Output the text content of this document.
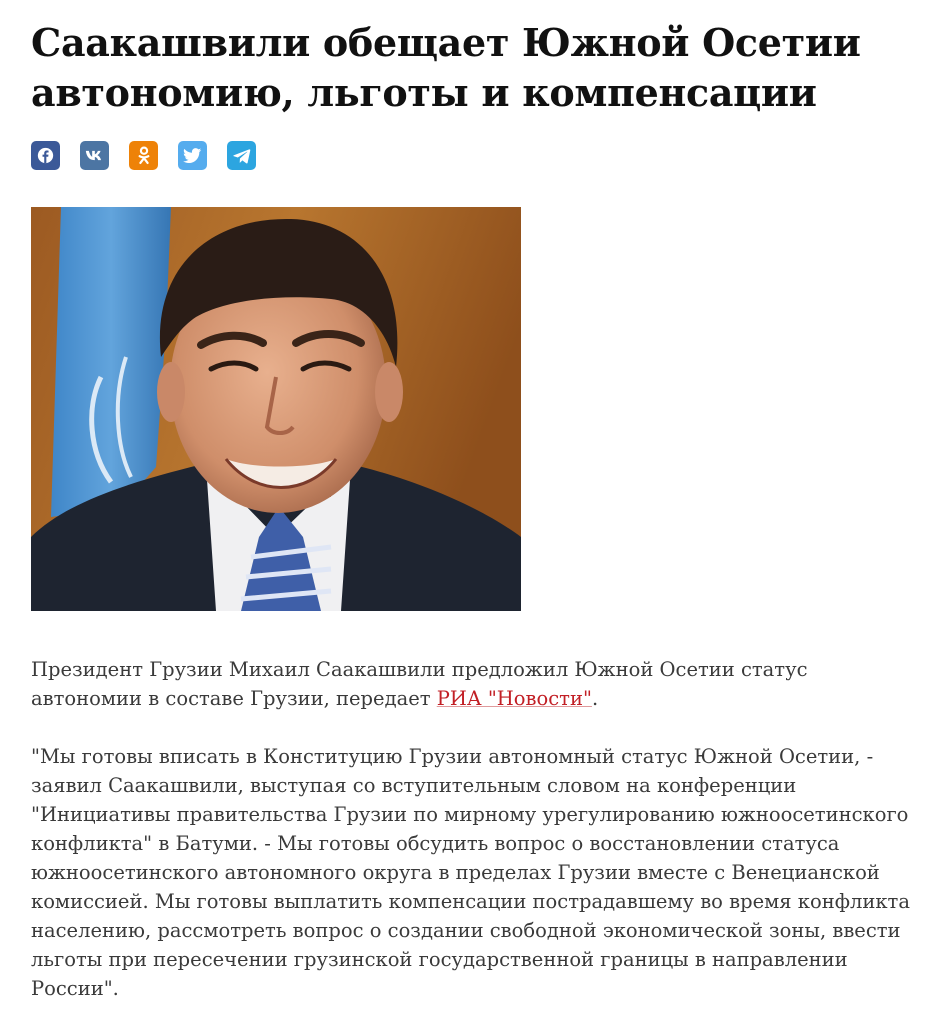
Саакашвили обещает Южной Осетии автономию, льготы и компенсации

Президент Грузии Михаил Саакашвили предложил Южной Осетии статус автономии в составе Грузии, передает РИА "Новости".

"Мы готовы вписать в Конституцию Грузии автономный статус Южной Осетии, - заявил Саакашвили, выступая со вступительным словом на конференции "Инициативы правительства Грузии по мирному урегулированию южноосетинского конфликта" в Батуми. - Мы готовы обсудить вопрос о восстановлении статуса южноосетинского автономного округа в пределах Грузии вместе с Венецианской комиссией. Мы готовы выплатить компенсации пострадавшему во время конфликта населению, рассмотреть вопрос о создании свободной экономической зоны, ввести льготы при пересечении грузинской государственной границы в направлении России".
